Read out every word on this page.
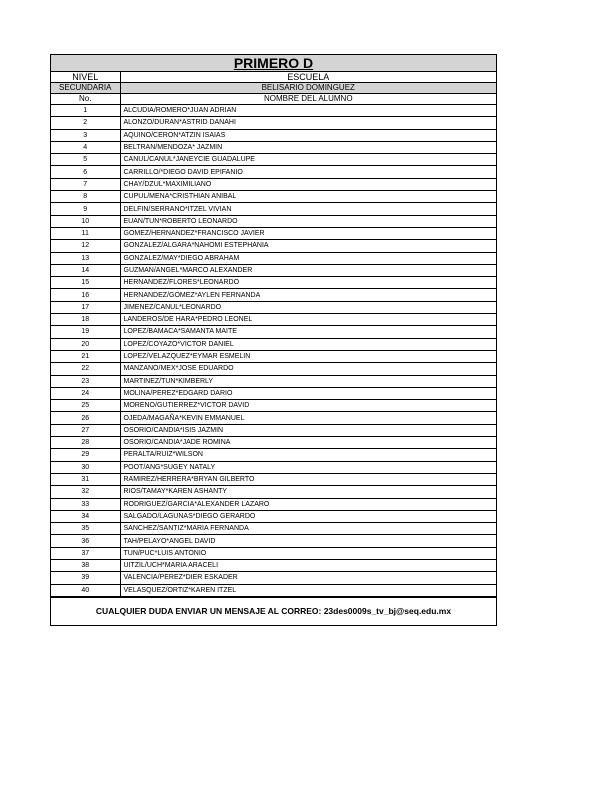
PRIMERO D	
NIVEL	ESCUELA
SECUNDARIA	BELISARIO DOMINGUEZ
No.	NOMBRE DEL ALUMNO
1	ALCUDIA/ROMERO*JUAN ADRIAN
2	ALONZO/DURAN*ASTRID DANAHI
3	AQUINO/CERON*ATZIN ISAIAS
4	BELTRAN/MENDOZA* JAZMIN
5	CANUL/CANUL*JANEYCIE GUADALUPE
6	CARRILLO/*DIEGO DAVID EPIFANIO
7	CHAY/DZUL*MAXIMILIANO
8	CUPUL/MENA*CRISTHIAN ANIBAL
9	DELFIN/SERRANO*ITZEL VIVIAN
10	EUAN/TUN*ROBERTO LEONARDO
11	GOMEZ/HERNANDEZ*FRANCISCO JAVIER
12	GONZALEZ/ALGARA*NAHOMI ESTEPHANIA
13	GONZALEZ/MAY*DIEGO ABRAHAM
14	GUZMAN/ANGEL*MARCO ALEXANDER
15	HERNANDEZ/FLORES*LEONARDO
16	HERNANDEZ/GOMEZ*AYLEN FERNANDA
17	JIMENEZ/CANUL*LEONARDO
18	LANDEROS/DE HARA*PEDRO LEONEL
19	LOPEZ/BAMACA*SAMANTA MAITE
20	LOPEZ/COYAZO*VICTOR DANIEL
21	LOPEZ/VELAZQUEZ*EYMAR ESMELIN
22	MANZANO/MEX*JOSE EDUARDO
23	MARTINEZ/TUN*KIMBERLY
24	MOLINA/PEREZ*EDGARD DARIO
25	MORENO/GUTIERREZ*VICTOR DAVID
26	OJEDA/MAGAÑA*KEVIN EMMANUEL
27	OSORIO/CANDIA*ISIS JAZMIN
28	OSORIO/CANDIA*JADE ROMINA
29	PERALTA/RUIZ*WILSON
30	POOT/ANG*SUGEY NATALY
31	RAMIREZ/HERRERA*BRYAN GILBERTO
32	RIOS/TAMAY*KAREN ASHANTY
33	RODRIGUEZ/GARCIA*ALEXANDER LAZARO
34	SALGADO/LAGUNAS*DIEGO GERARDO
35	SANCHEZ/SANTIZ*MARIA FERNANDA
36	TAH/PELAYO*ANGEL DAVID
37	TUN/PUC*LUIS ANTONIO
38	UITZIL/UCH*MARIA ARACELI
39	VALENCIA/PEREZ*DIER ESKADER
40	VELASQUEZ/ORTIZ*KAREN ITZEL
CUALQUIER DUDA ENVIAR UN MENSAJE AL CORREO: 23des0009s_tv_bj@seq.edu.mx
